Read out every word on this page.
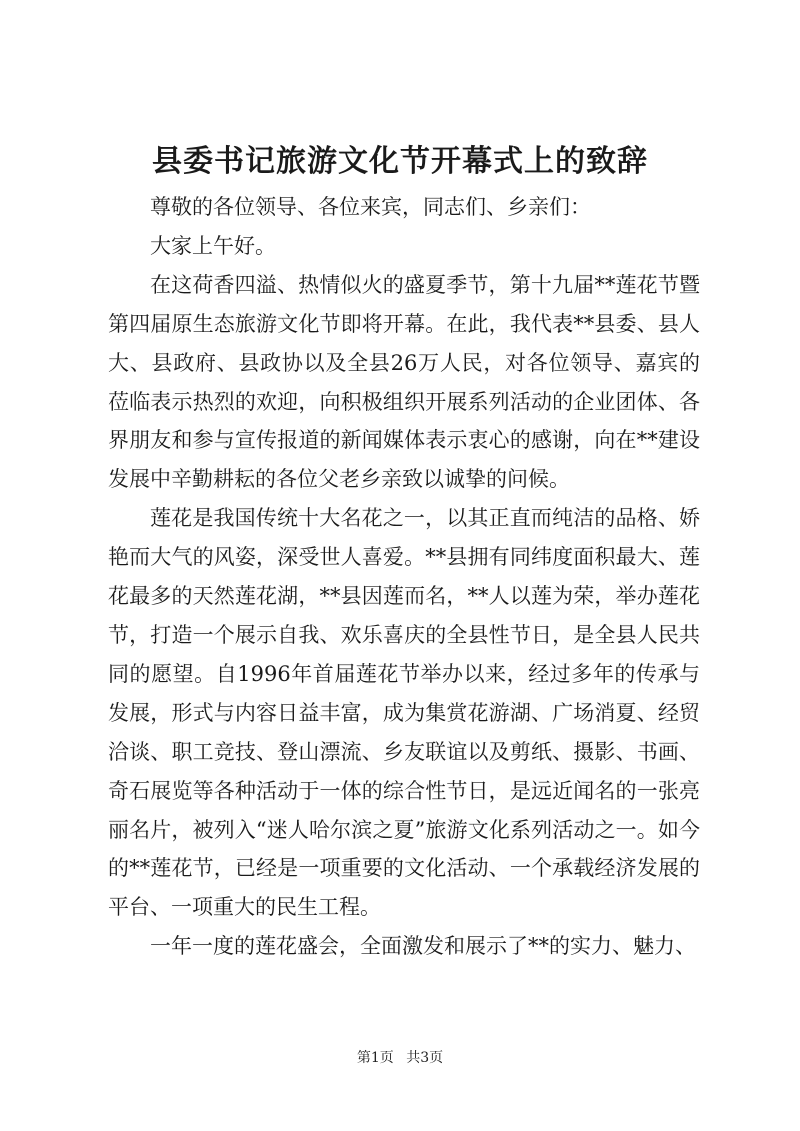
县委书记旅游文化节开幕式上的致辞

尊敬的各位领导、各位来宾，同志们、乡亲们：

大家上午好。

在这荷香四溢、热情似火的盛夏季节，第十九届**莲花节暨第四届原生态旅游文化节即将开幕。在此，我代表**县委、县人大、县政府、县政协以及全县26万人民，对各位领导、嘉宾的莅临表示热烈的欢迎，向积极组织开展系列活动的企业团体、各界朋友和参与宣传报道的新闻媒体表示衷心的感谢，向在**建设发展中辛勤耕耘的各位父老乡亲致以诚挚的问候。

莲花是我国传统十大名花之一，以其正直而纯洁的品格、娇艳而大气的风姿，深受世人喜爱。**县拥有同纬度面积最大、莲花最多的天然莲花湖，**县因莲而名，**人以莲为荣，举办莲花节，打造一个展示自我、欢乐喜庆的全县性节日，是全县人民共同的愿望。自1996年首届莲花节举办以来，经过多年的传承与发展，形式与内容日益丰富，成为集赏花游湖、广场消夏、经贸洽谈、职工竞技、登山漂流、乡友联谊以及剪纸、摄影、书画、奇石展览等各种活动于一体的综合性节日，是远近闻名的一张亮丽名片，被列入“迷人哈尔滨之夏”旅游文化系列活动之一。如今的**莲花节，已经是一项重要的文化活动、一个承载经济发展的平台、一项重大的民生工程。

一年一度的莲花盛会，全面激发和展示了**的实力、魅力、

第1页 共3页
